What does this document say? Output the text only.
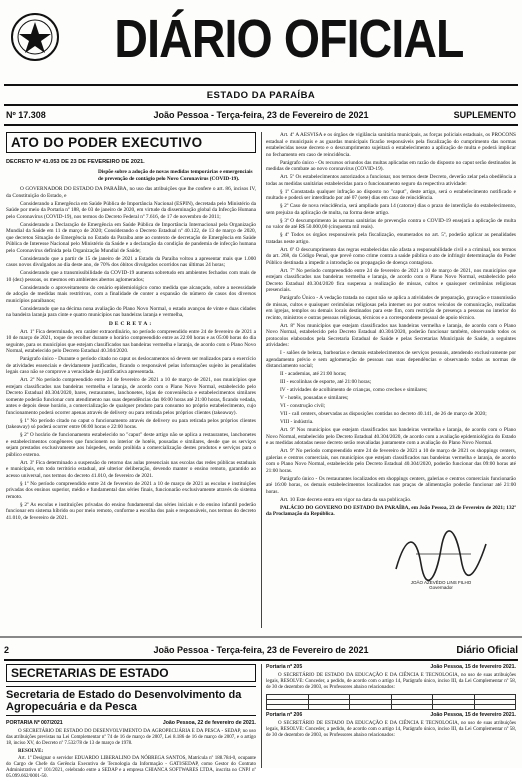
DIÁRIO OFICIAL
ESTADO DA PARAÍBA
Nº 17.308	João Pessoa - Terça-feira, 23 de Fevereiro de 2021	SUPLEMENTO
ATO DO PODER EXECUTIVO
DECRETO Nº 41.053 DE 23 DE FEVEREIRO DE 2021.
Dispõe sobre a adoção de novas medidas temporárias e emergenciais de prevenção de contágio pelo Novo Coronavírus (COVID-19).

O GOVERNADOR DO ESTADO DA PARAÍBA, no uso das atribuições que lhe confere o art. 86, incisos IV, da Constituição do Estado, e

Considerando a Emergência em Saúde Pública de Importância Nacional (ESPIN), decretada pelo Ministério da Saúde por meio da Portaria nº 188, de 03 de janeiro de 2020, em virtude da disseminação global da Infecção Humana pelo Coronavírus (COVID-19), nos termos do Decreto Federal nº 7.616, de 17 de novembro de 2011;

Considerando a Declaração de Emergência em Saúde Pública de Importância Internacional pela Organização Mundial da Saúde em 11 de março de 2020; Considerando o Decreto Estadual nº 40.122, de 13 de março de 2020, que decretou Situação de Emergência no Estado da Paraíba ante ao contexto de decretação de Emergência em Saúde Pública de Interesse Nacional pelo Ministério da Saúde e a declaração da condição de pandemia de infecção humana pelo Coronavírus definida pela Organização Mundial de Saúde;

Considerando que a partir de 15 de janeiro de 2021 a Estado da Paraíba voltou a apresentar mais que 1.000 casos novos divulgados ao dia deste ano, de 70% dos óbitos divulgados ocorridos nas últimas 24 horas;

Considerando que a transmissibilidade da COVID-19 aumenta sobretudo em ambientes fechados com mais de 10 (dez) pessoas, os mesmos em ambientes abertos aglomerados;

Considerando o aproveitamento do cenário epidemiológico como medida que alcançado, sobre a necessidade de adoção de medidas mais restritivas, com a finalidade de conter a expansão do número de casos dos diversos municípios paraibanos;

Considerando que na décima nona avaliação do Plano Novo Normal, o estado avançou de vinte e duas cidades na bandeira laranja para cinte e quatro municípios nas bandeiras laranja e vermelha,

DECRETA:

Art. 1º Fica determinado, em caráter extraordinário, no período compreendido entre 24 de fevereiro de 2021 a 10 de março de 2021, toque de recolher durante o horário compreendido entre as 22:00 horas e as 05:00 horas do dia seguinte, para os municípios que estejam classificados nas bandeiras vermelha e laranja, de acordo com o Plano Novo Normal, estabelecido pelo Decreto Estadual 40.304/2020.

Parágrafo único - Durante o período citado no caput os deslocamentos só devem ser realizados para o exercício de atividades essenciais e devidamente justificados, ficando o responsável pelas informações sujeito às penalidades legais caso não se comprove a veracidade da justificativa apresentada.

Art. 2º No período compreendido entre 24 de fevereiro de 2021 a 10 de março de 2021, nos municípios que estejam classificados nas bandeiras vermelha e laranja, de acordo com o Plano Novo Normal, estabelecido pelo Decreto Estadual 40.304/2020, bares, restaurantes, lanchonetes, lojas de conveniência e estabelecimentos similares somente poderão funcionar com atendimento nas suas dependências das 06:00 horas até 21:00 horas, ficando vedada, antes e depois desse horário, a comercialização de qualquer produto para consumo no próprio estabelecimento, cujo funcionamento poderá ocorrer apenas através de delivery ou para retirada pelos próprios clientes (takeaway).

§ 1º No período citado no caput o funcionamento através de delivery ou para retirada pelos próprios clientes (takeaway) só poderá ocorrer entre 06:00 horas e 22:00 horas.

§ 2º O horário de funcionamento estabelecido no "caput" deste artigo não se aplica a restaurantes, lanchonetes e estabelecimentos congêneres que funcionem no interior de hotéis, pousadas e similares, desde que os serviços sejam prestados exclusivamente aos hóspedes, sendo proibida a comercialização destes produtos e serviços para o público externo.

Art. 3º Fica determinado a suspensão do retorno das aulas presenciais nas escolas das redes públicas estaduais e municipais, em todo território estadual, até ulterior deliberação, devendo manter o ensino remoto, garantido ao acesso universal, nos termos do decreto 41.010, de fevereiro de 2021.

§ 1º No período compreendido entre 24 de fevereiro de 2021 a 10 de março de 2021 as escolas e instituições privadas dos ensinos superior, médio e fundamental das séries finais, funcionarão exclusivamente através do sistema remoto.

§ 2º As escolas e instituições privadas do ensino fundamental das séries iniciais e do ensino infantil poderão funcionar em sistema híbrido ou por meio remoto, conforme a escolha dos pais e responsáveis, nos termos do decreto 41.010, de fevereiro de 2021.

Art. 4º A AESVISA e os órgãos de vigilância sanitária municipais, as forças policiais estaduais, os PROCONS estadual e municipais e as guardas municipais ficarão responsáveis pela fiscalização do cumprimento das normas estabelecidas nesse decreto e o descumprimento sujeitará o estabelecimento a aplicação de multa e poderá implicar no fechamento em caso de reincidência.

Parágrafo único - Os recursos oriundos das multas aplicadas em razão do disposto no caput serão destinados às medidas de combate ao novo coronavírus (COVID-19).

Art. 5º Os estabelecimentos autorizados a funcionar, nos termos deste Decreto, deverão zelar pela obediência a todas as medidas sanitárias estabelecidas para o funcionamento seguro da respectiva atividade:

§ 1º Constatada qualquer infração ao disposto no "caput", deste artigo, será o estabelecimento notificado e multado e poderá ser interditado por até 07 (sete) dias em caso de reincidência.

§ 2º Caso de nova reincidência, será ampliado para 14 (catorze) dias o prazo de interdição do estabelecimento, sem prejuízo da aplicação de multa, na forma deste artigo.

§ 3º O descumprimento às normas sanitárias de prevenção contra o COVID-19 ensejará a aplicação de multa no valor de até R$ 50.000,00 (cinquenta mil reais).

§ 4º Todos os órgãos responsáveis pela fiscalização, enumerados no art. 5º, poderão aplicar as penalidades tratadas neste artigo.

Art. 6º O descumprimento das regras estabelecidas não afasta a responsabilidade civil e a criminal, nos termos do art. 268, do Código Penal, que prevê como crime contra a saúde pública o ato de infringir determinação do Poder Público destinada a impedir a introdução ou propagação de doença contagiosa.

Art. 7º No período compreendido entre 24 de fevereiro de 2021 a 10 de março de 2021, nos municípios que estejam classificados nas bandeiras vermelha e laranja, de acordo com o Plano Novo Normal, estabelecido pelo Decreto Estadual 40.304/2020 fica suspensa a realização de missas, cultos e quaisquer cerimônias religiosas presenciais.

Parágrafo Único - A vedação tratada no caput não se aplica a atividades de preparação, gravação e transmissão de missas, cultos e quaisquer cerimônias religiosas pela internet ou por outros veículos de comunicação, realizadas em igrejas, templos ou demais locais destinados para este fim, com restrição de presença a pessoas no interior do recinto, ministros e outras pessoas religiosas, técnicos e a correspondente pessoal de apoio técnico.

Art. 8º Nos municípios que estejam classificados nas bandeiras vermelha e laranja, de acordo com o Plano Novo Normal, estabelecido pelo Decreto Estadual 40.304/2020, poderão funcionar também, observando todos os protocolos elaborados pela Secretaria Estadual de Saúde e pelas Secretarias Municipais de Saúde, a seguintes atividades:

I - salões de beleza, barbearias e demais estabelecimentos de serviços pessoais, atendendo exclusivamente por agendamento prévio e sem aglomeração de pessoas nas suas dependências e observando todas as normas de distanciamento social;

II - academias, até 21:00 horas;

III - escolinhas de esporte, até 21:00 horas;

IV - atividades de acolhimento de crianças, como creches e similares;

V - hotéis, pousadas e similares;

VI - construção civil;

VII - call centers, observadas as disposições contidas no decreto 40.141, de 26 de março de 2020;

VIII - indústria.

Art. 9º Nos municípios que estejam classificados nas bandeiras vermelha e laranja, de acordo com o Plano Novo Normal, estabelecido pelo Decreto Estadual 40.304/2020, de acordo com a avaliação epidemiológica do Estado e as medidas adotadas nesse decreto serão reavaliadas juntamente com a avaliação do Plano Novo Normal.

Art. 9º No período compreendido entre 24 de fevereiro de 2021 a 10 de março de 2021 os shoppings centers, galerias e centros comerciais, nos municípios que estejam classificados nas bandeiras vermelha e laranja, de acordo com o Plano Novo Normal, estabelecido pelo Decreto Estadual 40.304/2020, poderão funcionar das 09:00 horas até 21:00 horas.

Parágrafo único - Os restaurantes localizados em shoppings centers, galerias e centros comerciais funcionarão até 16:00 horas, os demais estabelecimentos localizados nas praças de alimentação poderão funcionar até 21:00 horas.

Art. 10 Este decreto entra em vigor na data da sua publicação.

PALÁCIO DO GOVERNO DO ESTADO DA PARAÍBA, em João Pessoa, 23 de Fevereiro de 2021; 132º da Proclamação da República.

JOÃO AZEVÊDO LINS FILHO
Governador
2	João Pessoa - Terça-feira, 23 de Fevereiro de 2021	Diário Oficial
SECRETARIAS DE ESTADO
Secretaria de Estado do Desenvolvimento da Agropecuária e da Pesca
PORTARIA Nº 007/2021	João Pessoa, 22 de fevereiro de 2021.

O SECRETÁRIO DE ESTADO DO DESENVOLVIMENTO DA AGROPECUÁRIA E DA PESCA - SEDAP, no uso das atribuições previstas na Lei Complementar nº 74 de 16 de março de 2007, Lei 8.186 de 16 de março de 2007, e o artigo 18, inciso XV, do Decreto nº 7.532/78 de 13 de março de 1978.

RESOLVE:

Art. 1º Designar o servidor EDUARDO LIBERALINO DA NÓBREGA SANTOS, Matrícula nº 188.784-0, ocupante do Cargo de Chefe da Gerência Executiva de Tecnologia da Informação - GATI/SEDAP, como Gestor do Contrato Administrativo nº 101/2021, celebrado entre a SEDAP e a empresa CHIANCA SOFTWARES LTDA, inscrita no CNPJ nº 05.099.662/0001-50.

Portaria nº 205	João Pessoa, 15 de fevereiro 2021.

O SECRETÁRIO DE ESTADO DA EDUCAÇÃO E DA CIÊNCIA E TECNOLOGIA, no uso de suas atribuições legais, RESOLVE: Conceder, a pedido, de acordo com o artigo 14, Parágrafo único, inciso III, da Lei Complementar nº 58, de 30 de dezembro de 2003, os Professores abaixo relacionados:

Portaria nº 206	João Pessoa, 15 de fevereiro 2021.

O SECRETÁRIO DE ESTADO DA EDUCAÇÃO E DA CIÊNCIA E TECNOLOGIA, no uso de suas atribuições legais, RESOLVE: Conceder, a pedido, de acordo com o artigo 14, Parágrafo único, inciso III, da Lei Complementar nº 58, de 30 de dezembro de 2003, os Professores abaixo relacionados:
